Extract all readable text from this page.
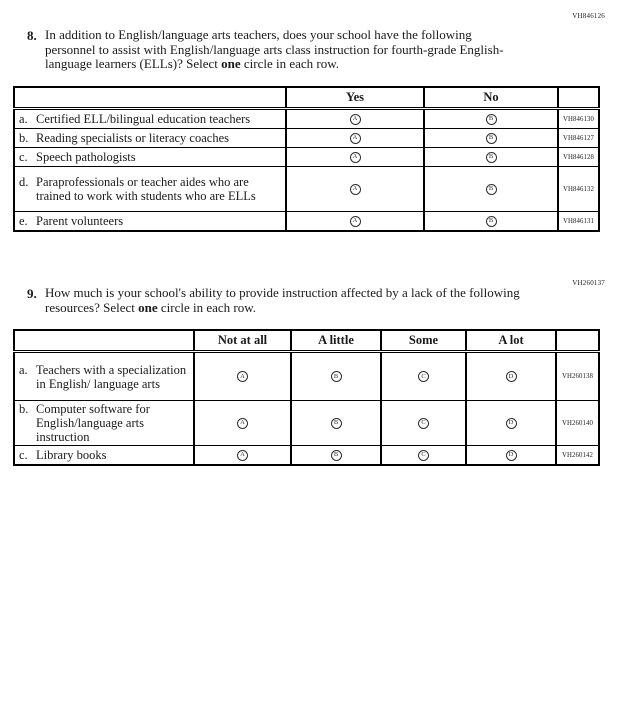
VH846126
8. In addition to English/language arts teachers, does your school have the following personnel to assist with English/language arts class instruction for fourth-grade English-language learners (ELLs)? Select one circle in each row.
	Yes	No	

a. Certified ELL/bilingual education teachers	A	B	VH846130

b. Reading specialists or literacy coaches	A	B	VH846127

c. Speech pathologists	A	B	VH846128

d. Paraprofessionals or teacher aides who are trained to work with students who are ELLs	A	B	VH846132

e. Parent volunteers	A	B	VH846131
VH260137
9. How much is your school's ability to provide instruction affected by a lack of the following resources? Select one circle in each row.
	Not at all	A little	Some	A lot	

a. Teachers with a specialization in English/ language arts	A	B	C	D	VH260138

b. Computer software for English/language arts instruction	A	B	C	D	VH260140

c. Library books	A	B	C	D	VH260142
